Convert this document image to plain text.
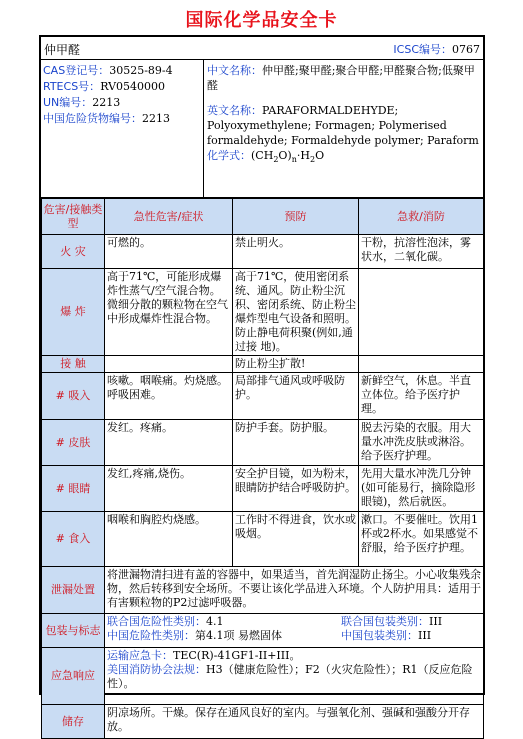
国际化学品安全卡
仲甲醛	ICSC编号：0767
CAS登记号：30525-89-4
RTECS号：RV0540000
UN编号：2213
中国危险货物编号：2213
中文名称：仲甲醛;聚甲醛;聚合甲醛;甲醛聚合物;低聚甲醛
英文名称：PARAFORMALDEHYDE; Polyoxymethylene; Formagen; Polymerised formaldehyde; Formaldehyde polymer; Paraform
化学式：$(CH_2O)_n\cdot H_2O$
危害/接触类型	急性危害/症状	预防	急救/消防
火 灾	可燃的。	禁止明火。	干粉，抗溶性泡沫，雾状水，二氧化碳。
爆 炸	高于71℃，可能形成爆炸性蒸气/空气混合物。微细分散的颗粒物在空气中形成爆炸性混合物。	高于71℃，使用密闭系统、通风。防止粉尘沉积、密闭系统、防止粉尘爆炸型电气设备和照明。防止静电荷积聚(例如,通过接 地)。	
接 触		防止粉尘扩散!	
# 吸入	咳嗽。咽喉痛。灼烧感。呼吸困难。	局部排气通风或呼吸防护。	新鲜空气，休息。半直立体位。给予医疗护理。
# 皮肤	发红。疼痛。	防护手套。防护服。	脱去污染的衣服。用大量水冲洗皮肤或淋浴。给予医疗护理。
# 眼睛	发红,疼痛,烧伤。	安全护目镜，如为粉末，眼睛防护结合呼吸防护。	先用大量水冲洗几分钟(如可能易行，摘除隐形眼镜)，然后就医。
# 食入	咽喉和胸腔灼烧感。	工作时不得进食，饮水或吸烟。	漱口。不要催吐。饮用1杯或2杯水。如果感觉不舒服，给予医疗护理。
泄漏处置	将泄漏物清扫进有盖的容器中，如果适当，首先润湿防止扬尘。小心收集残余物，然后转移到安全场所。不要让该化学品进入环境。个人防护用具：适用于有害颗粒物的P2过滤呼吸器。		
包装与标志	联合国危险性类别：4.1 联合国包装类别：III
中国危险性类别：第4.1项 易燃固体 中国包装类别：III		

应急响应	运输应急卡：TEC(R)-41GF1-II+III。
美国消防协会法规：H3（健康危险性）；F2（火灾危险性）；R1（反应危险性）。		

储存	阴凉场所。干燥。保存在通风良好的室内。与强氧化剂、强碱和强酸分开存放。		
